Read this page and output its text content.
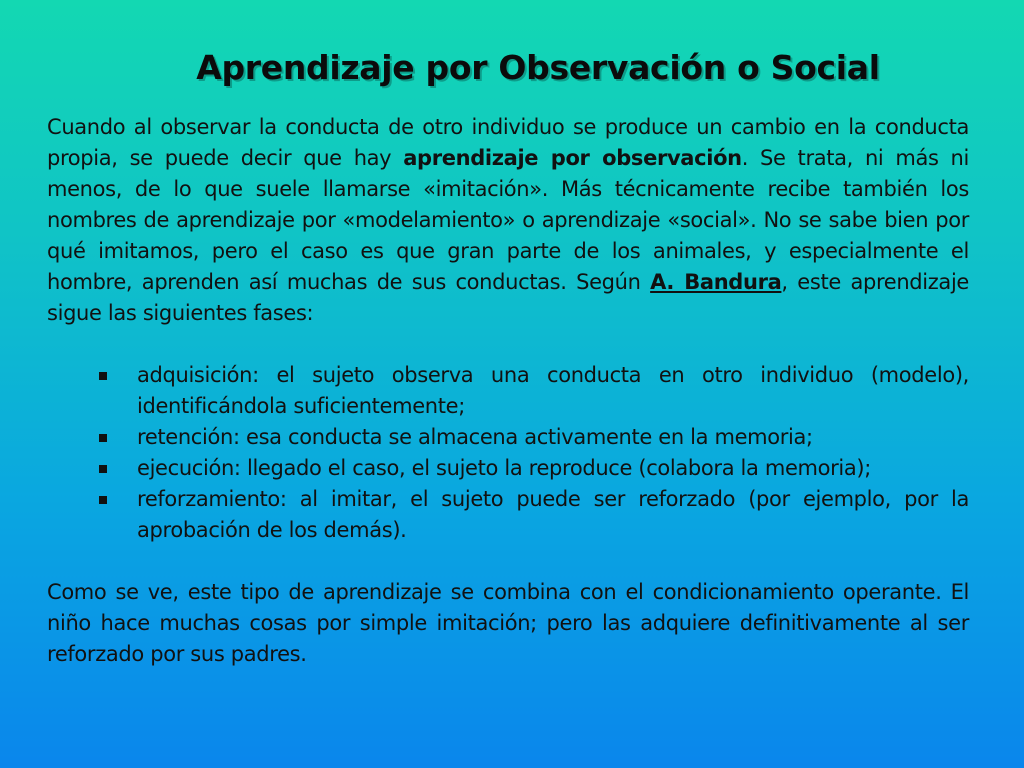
Aprendizaje por Observación o Social

Cuando al observar la conducta de otro individuo se produce un cambio en la conducta propia, se puede decir que hay aprendizaje por observación. Se trata, ni más ni menos, de lo que suele llamarse «imitación». Más técnicamente recibe también los nombres de aprendizaje por «modelamiento» o aprendizaje «social». No se sabe bien por qué imitamos, pero el caso es que gran parte de los animales, y especialmente el hombre, aprenden así muchas de sus conductas. Según A. Bandura, este aprendizaje sigue las siguientes fases:

adquisición: el sujeto observa una conducta en otro individuo (modelo), identificándola suficientemente;
retención: esa conducta se almacena activamente en la memoria;
ejecución: llegado el caso, el sujeto la reproduce (colabora la memoria);
reforzamiento: al imitar, el sujeto puede ser reforzado (por ejemplo, por la aprobación de los demás).

Como se ve, este tipo de aprendizaje se combina con el condicionamiento operante. El niño hace muchas cosas por simple imitación; pero las adquiere definitivamente al ser reforzado por sus padres.
